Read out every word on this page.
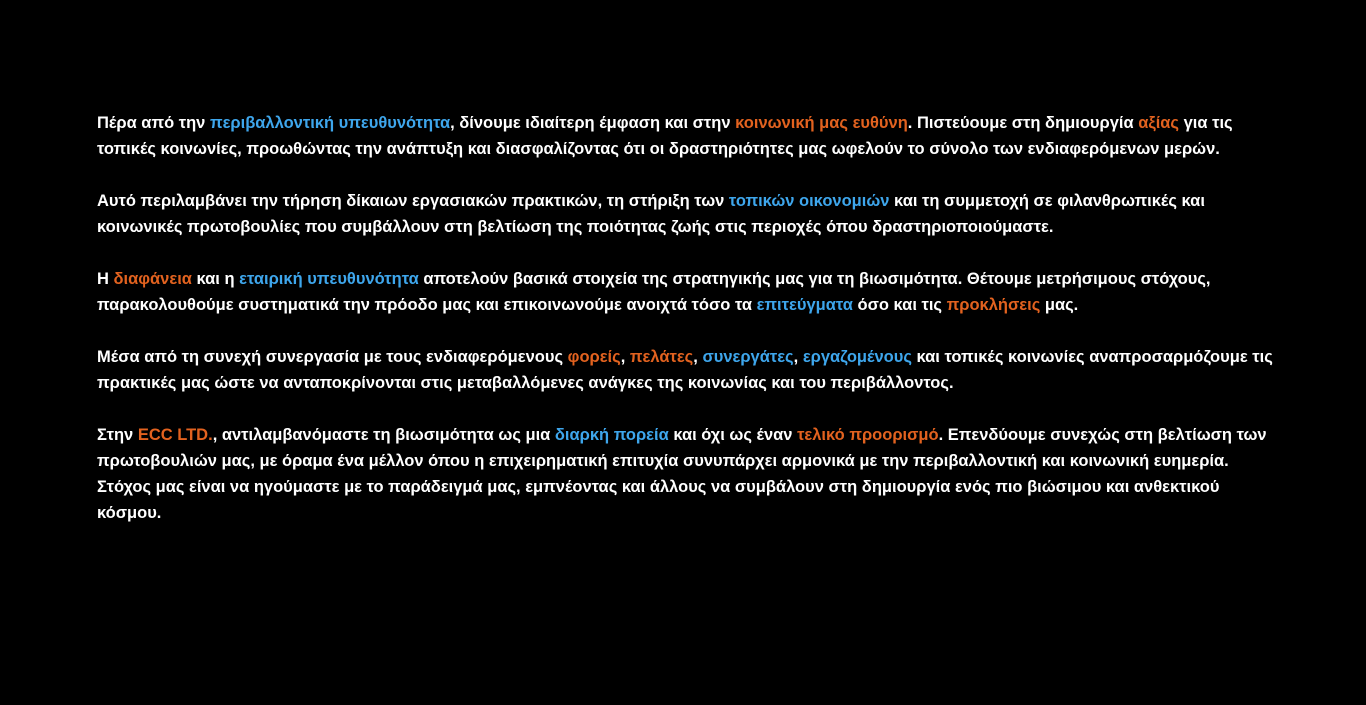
Πέρα από την περιβαλλοντική υπευθυνότητα, δίνουμε ιδιαίτερη έμφαση και στην κοινωνική μας ευθύνη. Πιστεύουμε στη δημιουργία αξίας για τις τοπικές κοινωνίες, προωθώντας την ανάπτυξη και διασφαλίζοντας ότι οι δραστηριότητες μας ωφελούν το σύνολο των ενδιαφερόμενων μερών.

Αυτό περιλαμβάνει την τήρηση δίκαιων εργασιακών πρακτικών, τη στήριξη των τοπικών οικονομιών και τη συμμετοχή σε φιλανθρωπικές και κοινωνικές πρωτοβουλίες που συμβάλλουν στη βελτίωση της ποιότητας ζωής στις περιοχές όπου δραστηριοποιούμαστε.

Η διαφάνεια και η εταιρική υπευθυνότητα αποτελούν βασικά στοιχεία της στρατηγικής μας για τη βιωσιμότητα. Θέτουμε μετρήσιμους στόχους, παρακολουθούμε συστηματικά την πρόοδο μας και επικοινωνούμε ανοιχτά τόσο τα επιτεύγματα όσο και τις προκλήσεις μας.

Μέσα από τη συνεχή συνεργασία με τους ενδιαφερόμενους φορείς, πελάτες, συνεργάτες, εργαζομένους και τοπικές κοινωνίες αναπροσαρμόζουμε τις πρακτικές μας ώστε να ανταποκρίνονται στις μεταβαλλόμενες ανάγκες της κοινωνίας και του περιβάλλοντος.

Στην ECC LTD., αντιλαμβανόμαστε τη βιωσιμότητα ως μια διαρκή πορεία και όχι ως έναν τελικό προορισμό. Επενδύουμε συνεχώς στη βελτίωση των πρωτοβουλιών μας, με όραμα ένα μέλλον όπου η επιχειρηματική επιτυχία συνυπάρχει αρμονικά με την περιβαλλοντική και κοινωνική ευημερία. Στόχος μας είναι να ηγούμαστε με το παράδειγμά μας, εμπνέοντας και άλλους να συμβάλουν στη δημιουργία ενός πιο βιώσιμου και ανθεκτικού κόσμου.
